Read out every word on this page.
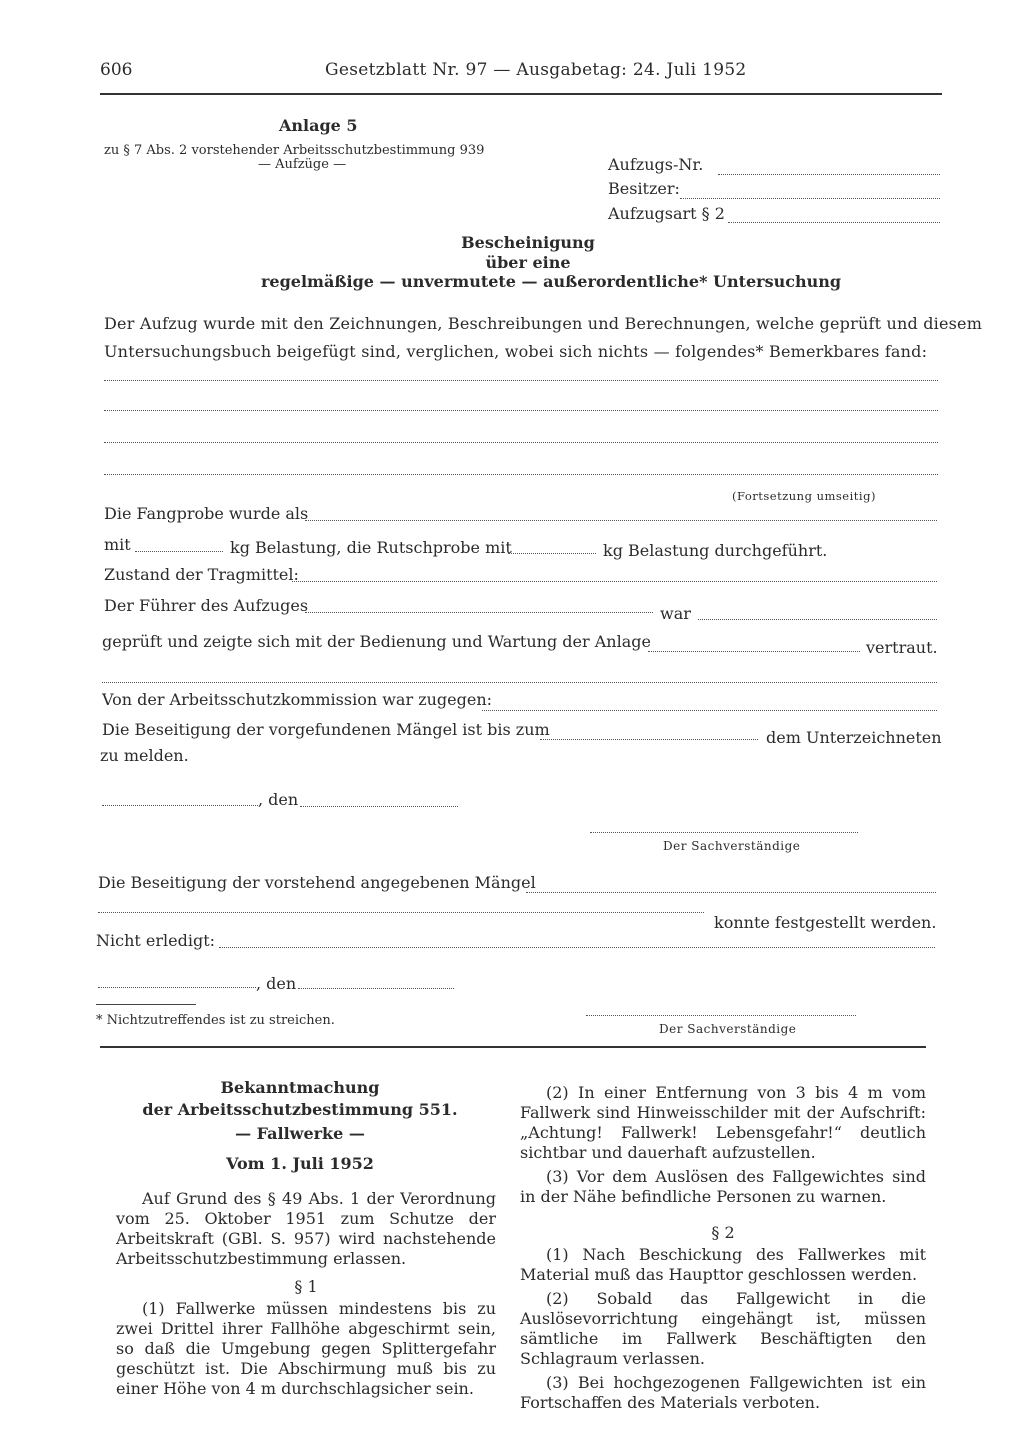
606	Gesetzblatt Nr. 97 — Ausgabetag: 24. Juli 1952
Anlage 5
zu § 7 Abs. 2 vorstehender Arbeitsschutzbestimmung 939
— Aufzüge —	Aufzugs-Nr.
Besitzer:
Aufzugsart § 2
Bescheinigung
über eine
regelmäßige — unvermutete — außerordentliche* Untersuchung
Der Aufzug wurde mit den Zeichnungen, Beschreibungen und Berechnungen, welche geprüft und diesem
Untersuchungsbuch beigefügt sind, verglichen, wobei sich nichts — folgendes* Bemerkbares fand:
(Fortsetzung umseitig)
Die Fangprobe wurde als
mit	kg Belastung, die Rutschprobe mit	kg Belastung durchgeführt.
Zustand der Tragmittel:
Der Führer des Aufzuges	war
geprüft und zeigte sich mit der Bedienung und Wartung der Anlage	vertraut.
Von der Arbeitsschutzkommission war zugegen:
Die Beseitigung der vorgefundenen Mängel ist bis zum	dem Unterzeichneten
zu melden.
, den
Der Sachverständige
Die Beseitigung der vorstehend angegebenen Mängel
konnte festgestellt werden.
Nicht erledigt:
, den
* Nichtzutreffendes ist zu streichen.
Der Sachverständige
Bekanntmachung
der Arbeitsschutzbestimmung 551.
— Fallwerke —
Vom 1. Juli 1952

Auf Grund des § 49 Abs. 1 der Verordnung vom 25. Oktober 1951 zum Schutze der Arbeitskraft (GBl. S. 957) wird nachstehende Arbeitsschutzbestimmung erlassen.

§ 1

(1) Fallwerke müssen mindestens bis zu zwei Drittel ihrer Fallhöhe abgeschirmt sein, so daß die Umgebung gegen Splittergefahr geschützt ist. Die Abschirmung muß bis zu einer Höhe von 4 m durchschlagsicher sein.

(2) In einer Entfernung von 3 bis 4 m vom Fallwerk sind Hinweisschilder mit der Aufschrift: „Achtung! Fallwerk! Lebensgefahr!“ deutlich sichtbar und dauerhaft aufzustellen.

(3) Vor dem Auslösen des Fallgewichtes sind in der Nähe befindliche Personen zu warnen.

§ 2

(1) Nach Beschickung des Fallwerkes mit Material muß das Haupttor geschlossen werden.

(2) Sobald das Fallgewicht in die Auslösevorrichtung eingehängt ist, müssen sämtliche im Fallwerk Beschäftigten den Schlagraum verlassen.

(3) Bei hochgezogenen Fallgewichten ist ein Fortschaffen des Materials verboten.
